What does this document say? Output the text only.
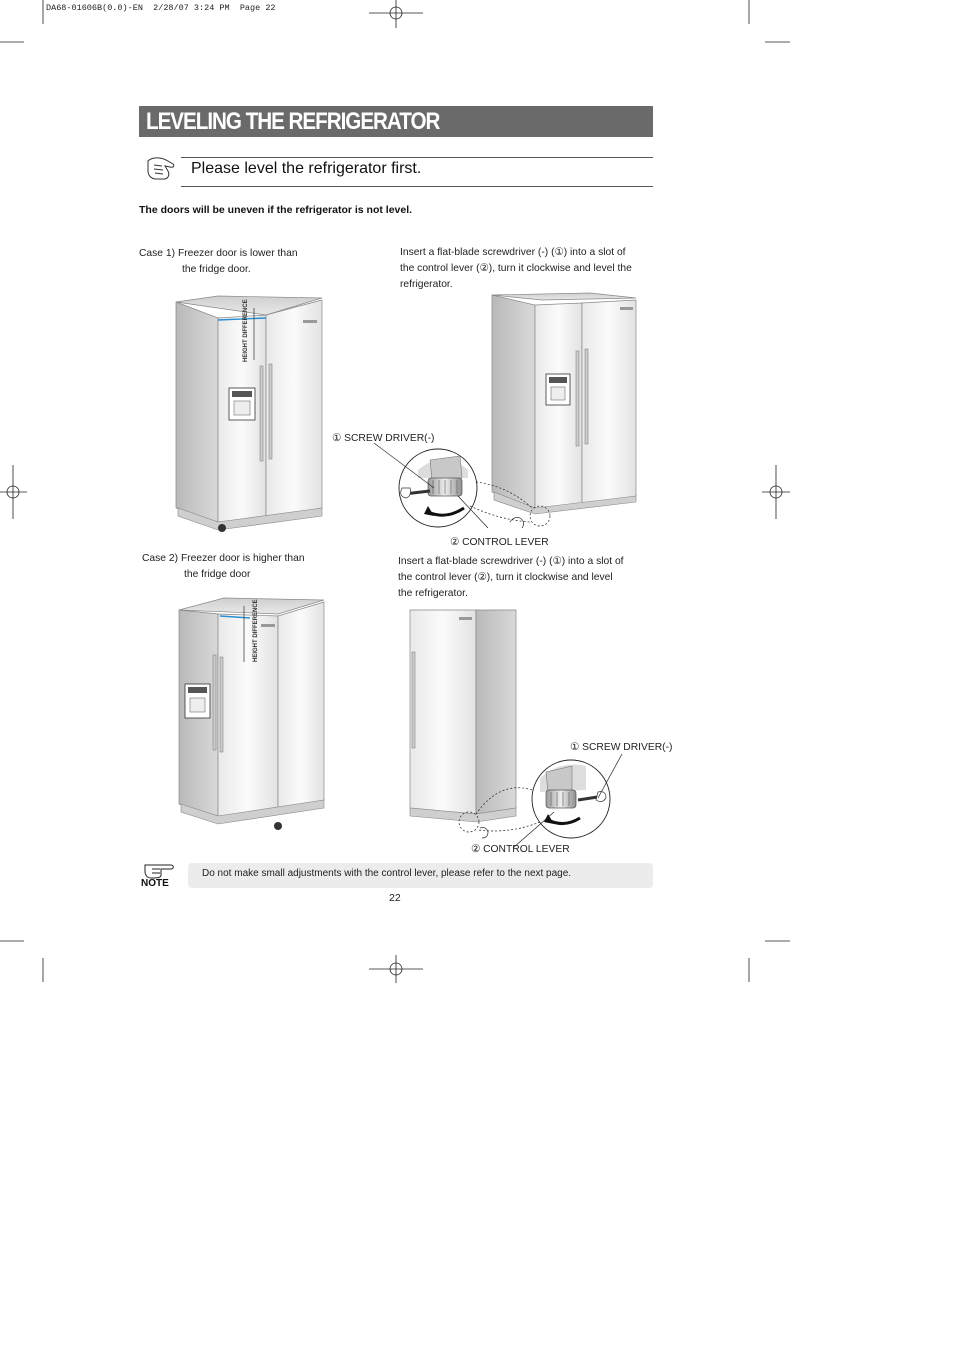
DA68-01606B(0.0)-EN  2/28/07 3:24 PM  Page 22
HEIGHT DIFFERENCE
HEIGHT DIFFERENCE
LEVELING THE REFRIGERATOR
Please level the refrigerator first.
The doors will be uneven if the refrigerator is not level.
Case 1) Freezer door is lower than
the fridge door.
Insert a flat-blade screwdriver (-) (①) into a slot of
the control lever (②), turn it clockwise and level the
refrigerator.
① SCREW DRIVER(-)
② CONTROL LEVER
Case 2) Freezer door is higher than
the fridge door
Insert a flat-blade screwdriver (-) (①) into a slot of
the control lever (②), turn it clockwise and level
the refrigerator.
① SCREW DRIVER(-)
② CONTROL LEVER
NOTE
Do not make small adjustments with the control lever, please refer to the next page.
22
